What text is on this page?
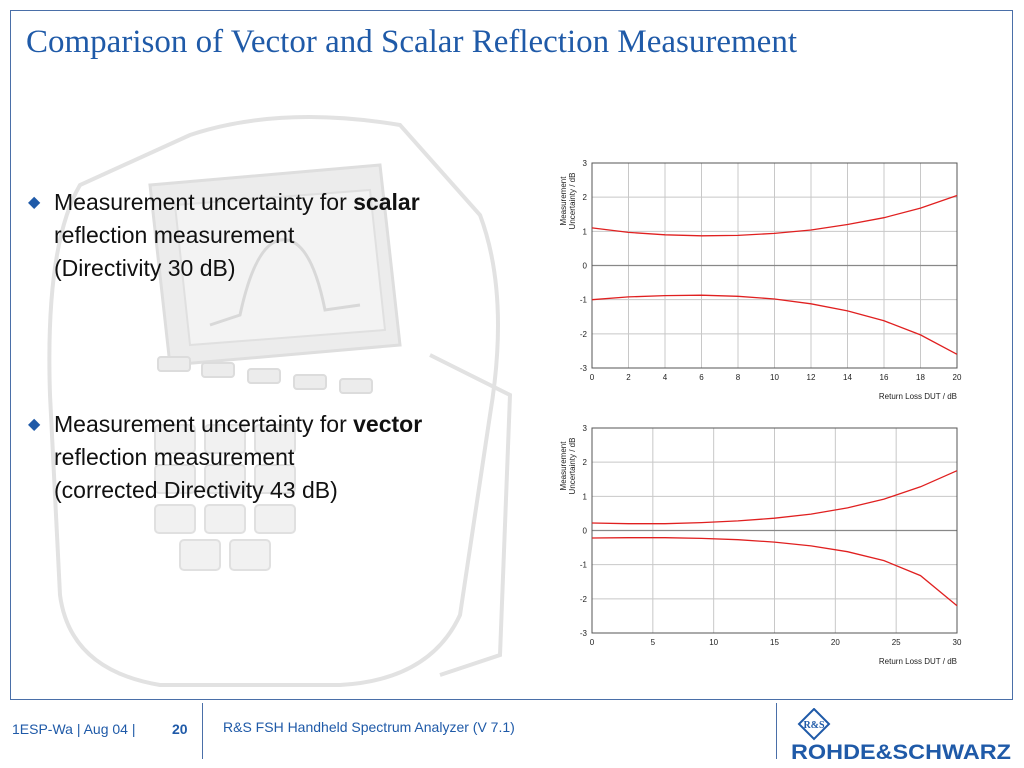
Comparison of Vector and Scalar Reflection Measurement
◆ Measurement uncertainty for scalar
reflection measurement
(Directivity 30 dB)
◆ Measurement uncertainty for vector
reflection measurement
(corrected Directivity 43 dB)
0	2	4	6	8	10	12	14	16	18	20
-3
-2
-1
0
1
2
3
Return Loss DUT / dB
Measurement Uncertainty / dB
0	5	10	15	20	25	30
-3
-2
-1
0
1
2
3
Return Loss DUT / dB
Measurement Uncertainty / dB
1ESP-Wa | Aug 04 |	20	R&S FSH Handheld Spectrum Analyzer (V 7.1)	R&S
ROHDE&SCHWARZ
